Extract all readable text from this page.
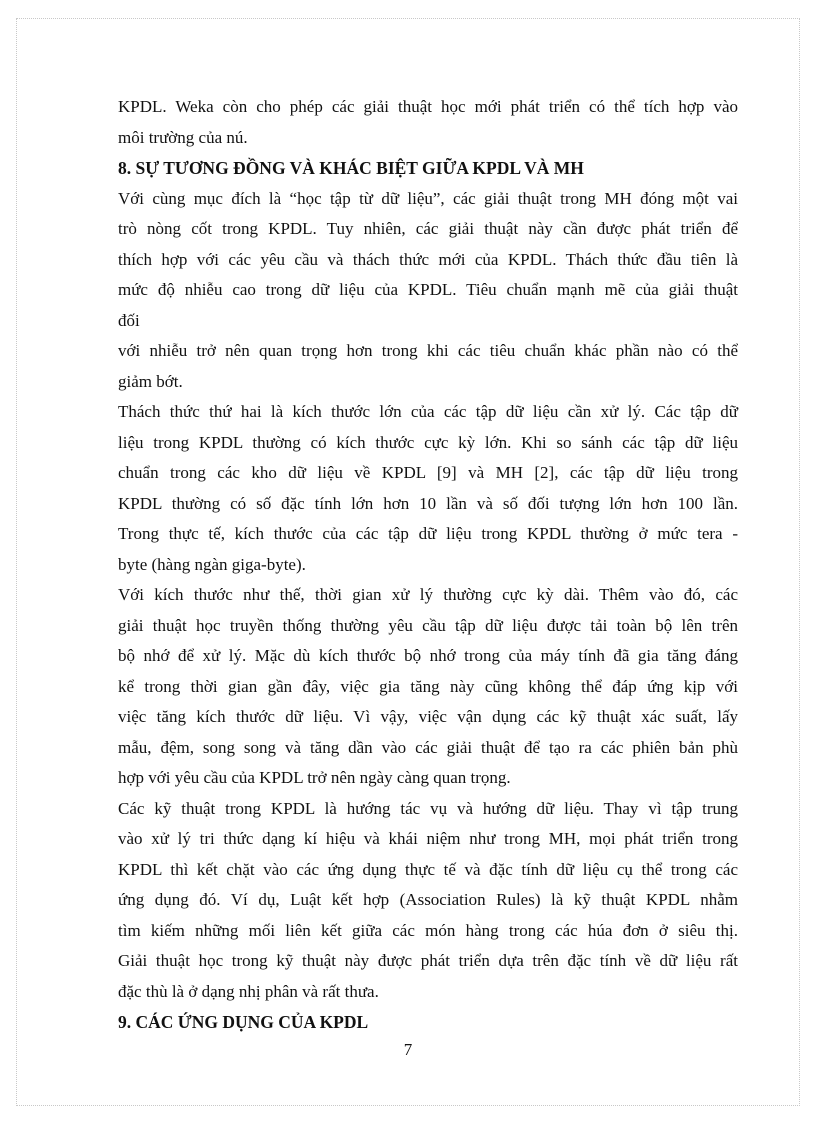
KPDL. Weka còn cho phép các giải thuật học mới phát triển có thể tích hợp vào
môi trường của nú.
8. SỰ TƯƠNG ĐỒNG VÀ KHÁC BIỆT GIỮA KPDL VÀ MH
Với cùng mục đích là “học tập từ dữ liệu”, các giải thuật trong MH đóng một vai
trò nòng cốt trong KPDL. Tuy nhiên, các giải thuật này cần được phát triển để
thích hợp với các yêu cầu và thách thức mới của KPDL. Thách thức đầu tiên là
mức độ nhiễu cao trong dữ liệu của KPDL. Tiêu chuẩn mạnh mẽ của giải thuật
đối
với nhiễu trở nên quan trọng hơn trong khi các tiêu chuẩn khác phần nào có thể
giảm bớt.
Thách thức thứ hai là kích thước lớn của các tập dữ liệu cần xử lý. Các tập dữ
liệu trong KPDL thường có kích thước cực kỳ lớn. Khi so sánh các tập dữ liệu
chuẩn trong các kho dữ liệu về KPDL [9] và MH [2], các tập dữ liệu trong
KPDL thường có số đặc tính lớn hơn 10 lần và số đối tượng lớn hơn 100 lần.
Trong thực tế, kích thước của các tập dữ liệu trong KPDL thường ở mức tera -
byte (hàng ngàn giga-byte).
Với kích thước như thế, thời gian xử lý thường cực kỳ dài. Thêm vào đó, các
giải thuật học truyền thống thường yêu cầu tập dữ liệu được tải toàn bộ lên trên
bộ nhớ để xử lý. Mặc dù kích thước bộ nhớ trong của máy tính đã gia tăng đáng
kể trong thời gian gần đây, việc gia tăng này cũng không thể đáp ứng kịp với
việc tăng kích thước dữ liệu. Vì vậy, việc vận dụng các kỹ thuật xác suất, lấy
mẫu, đệm, song song và tăng dần vào các giải thuật để tạo ra các phiên bản phù
hợp với yêu cầu của KPDL trở nên ngày càng quan trọng.
Các kỹ thuật trong KPDL là hướng tác vụ và hướng dữ liệu. Thay vì tập trung
vào xử lý tri thức dạng kí hiệu và khái niệm như trong MH, mọi phát triển trong
KPDL thì kết chặt vào các ứng dụng thực tế và đặc tính dữ liệu cụ thể trong các
ứng dụng đó. Ví dụ, Luật kết hợp (Association Rules) là kỹ thuật KPDL nhằm
tìm kiếm những mối liên kết giữa các món hàng trong các húa đơn ở siêu thị.
Giải thuật học trong kỹ thuật này được phát triển dựa trên đặc tính về dữ liệu rất
đặc thù là ở dạng nhị phân và rất thưa.
9. CÁC ỨNG DỤNG CỦA KPDL
7
